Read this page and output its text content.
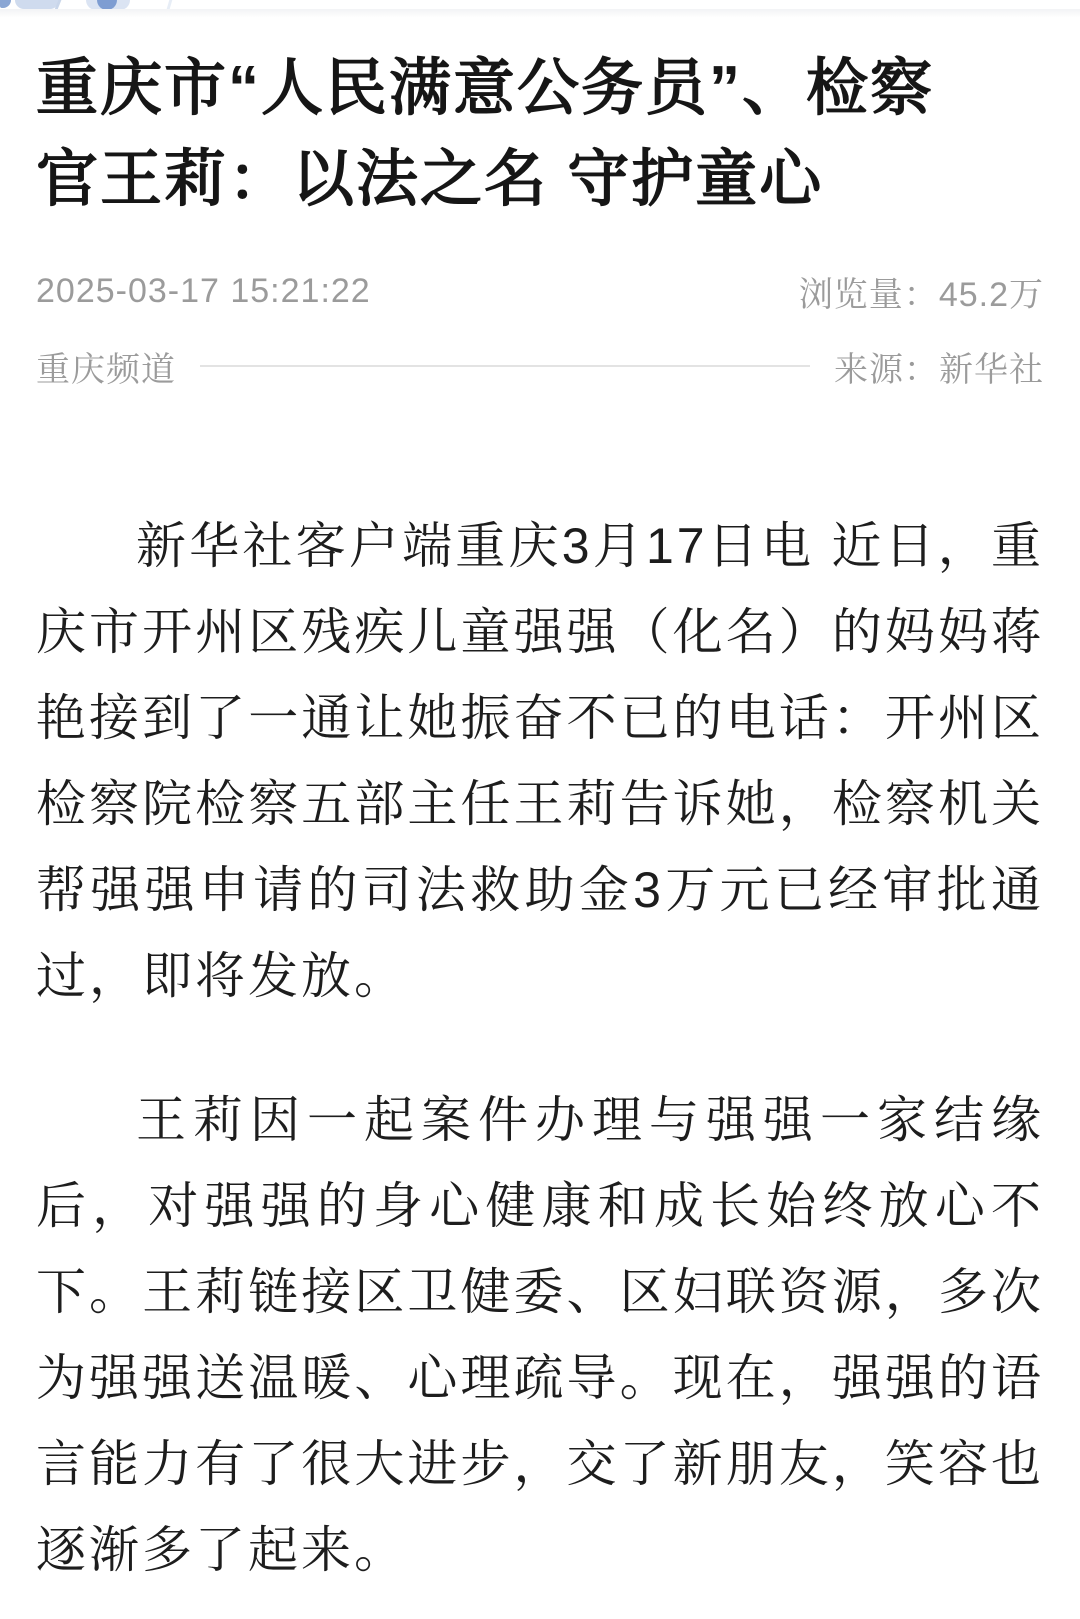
重庆市“人民满意公务员”、检察
官王莉：以法之名 守护童心
2025-03-17 15:21:22	浏览量： 45.2万
重庆频道	来源： 新华社

新华社客户端重庆3月17日电 近日，重庆市开州区残疾儿童强强（化名）的妈妈蒋艳接到了一通让她振奋不已的电话：开州区检察院检察五部主任王莉告诉她，检察机关帮强强申请的司法救助金3万元已经审批通过，即将发放。

王莉因一起案件办理与强强一家结缘后，对强强的身心健康和成长始终放心不下。王莉链接区卫健委、区妇联资源，多次为强强送温暖、心理疏导。现在，强强的语言能力有了很大进步，交了新朋友，笑容也逐渐多了起来。
